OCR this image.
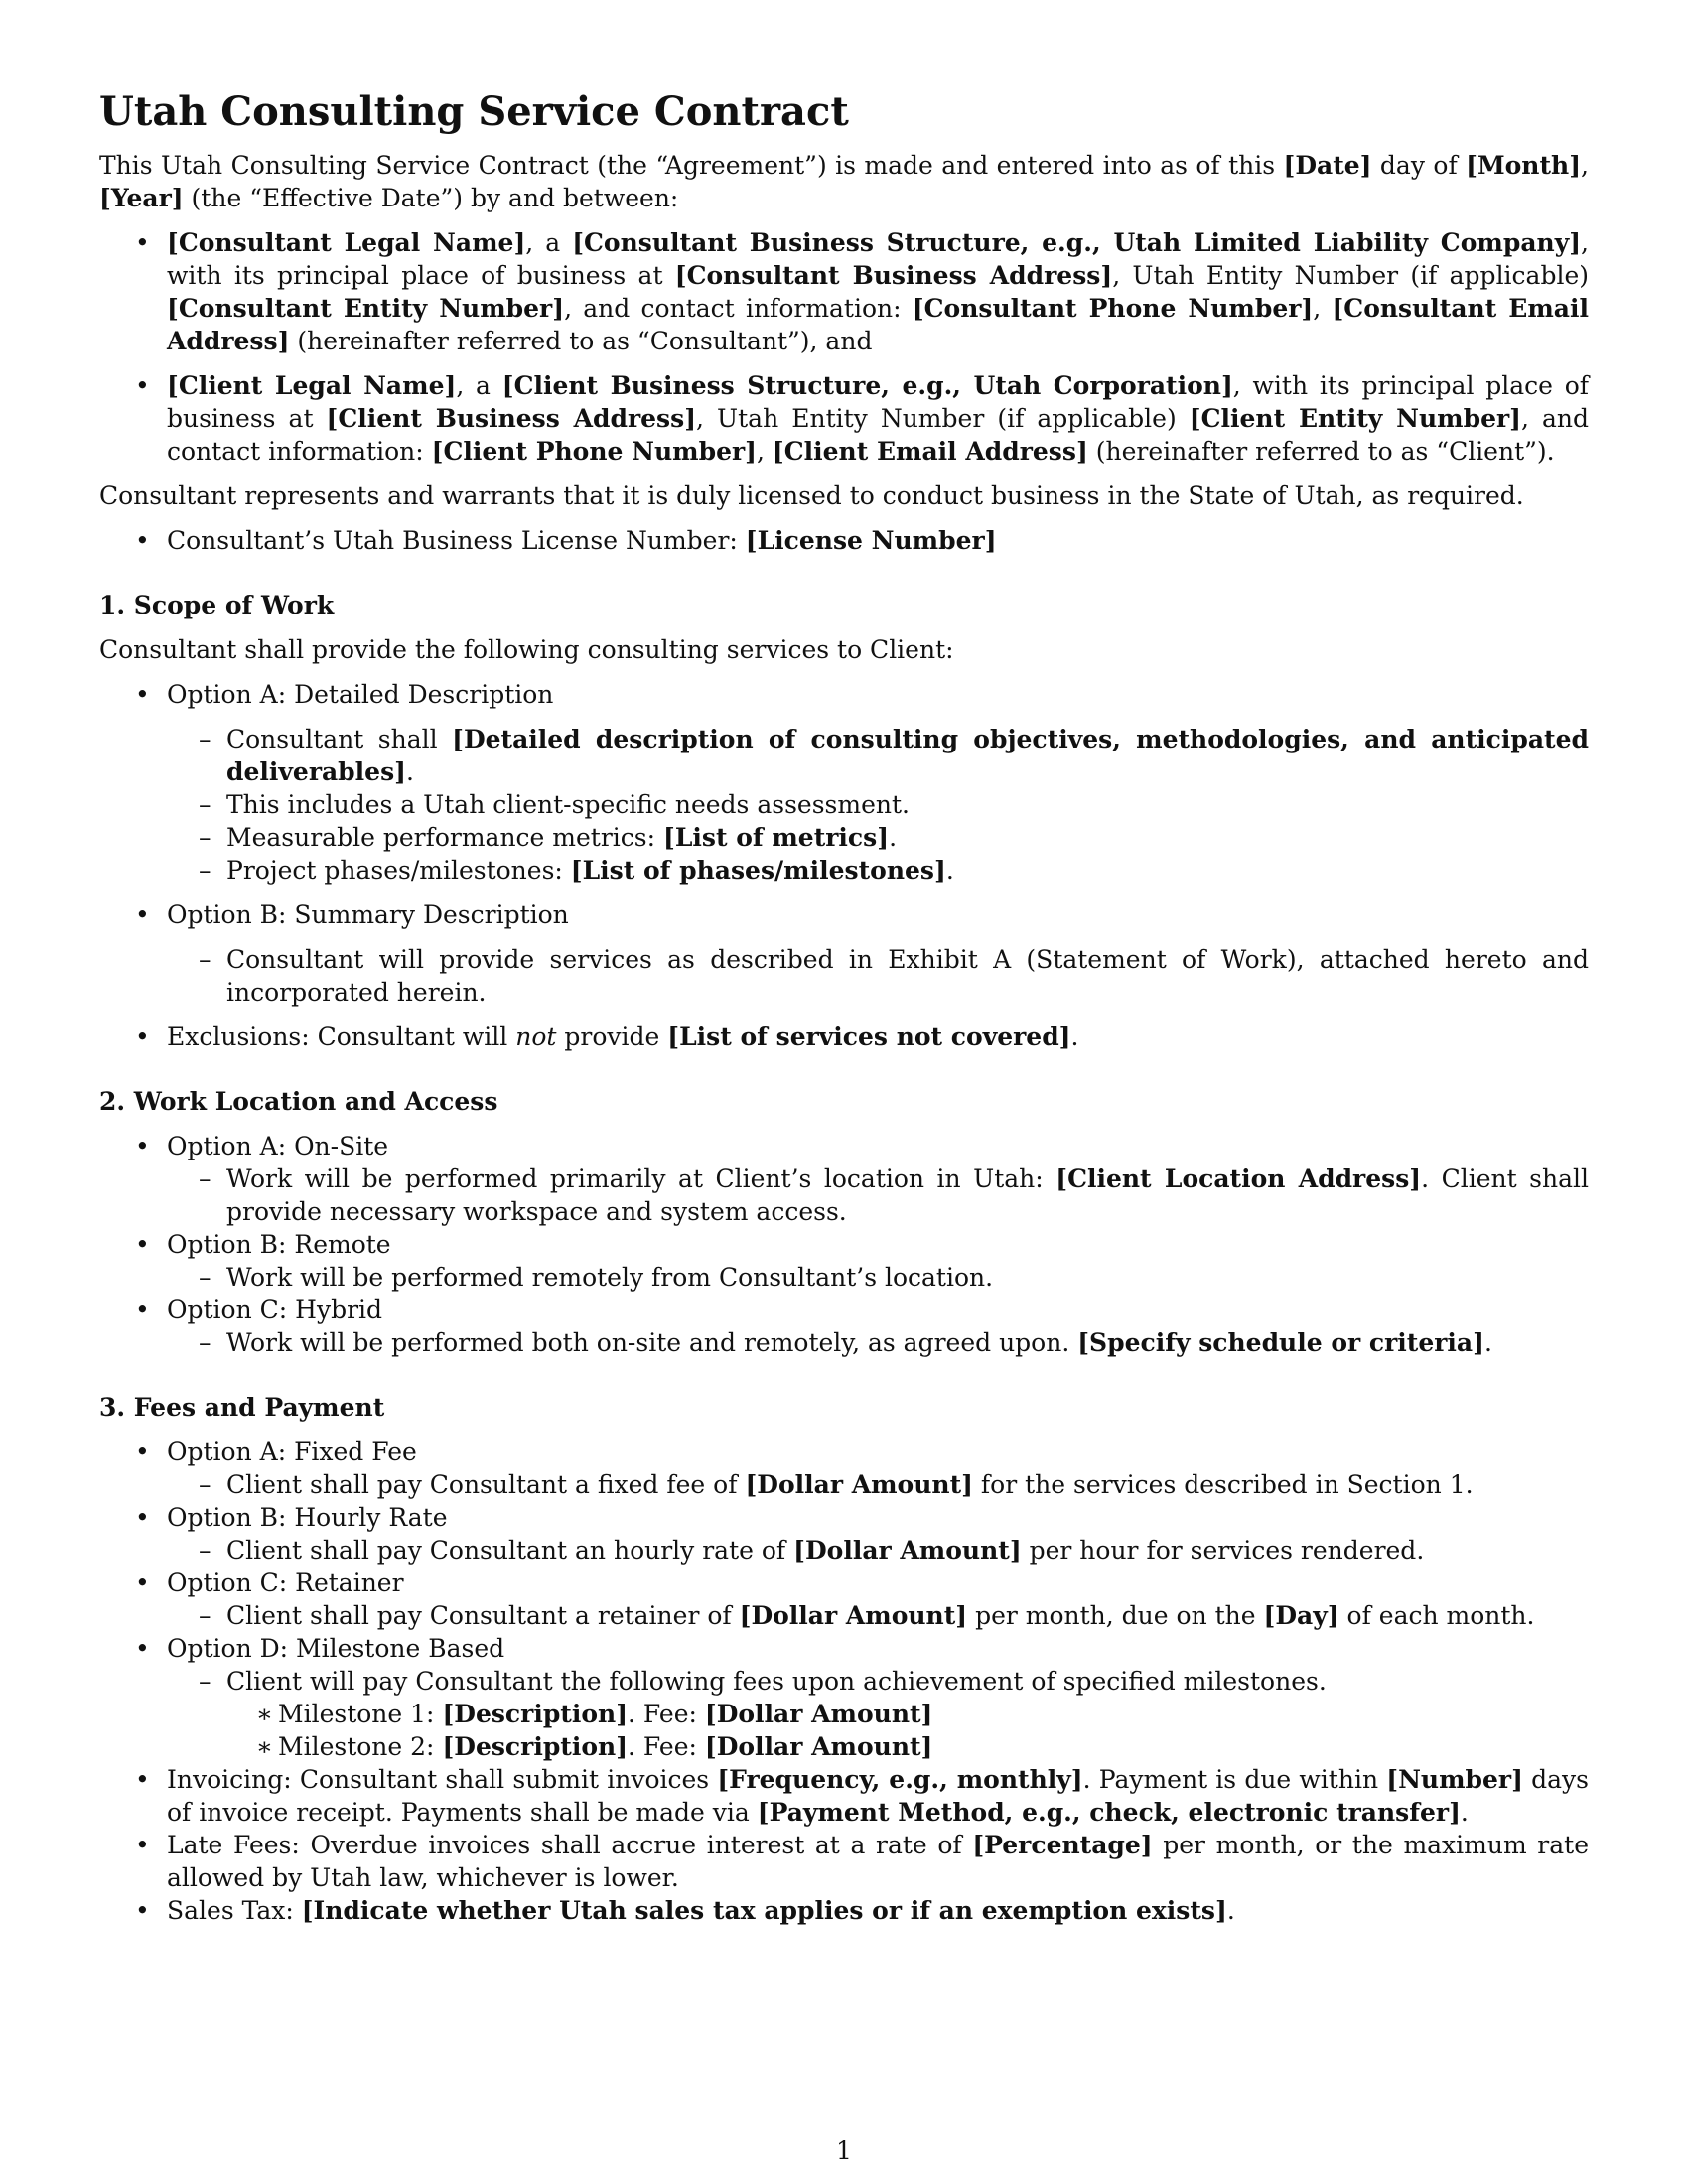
Utah Consulting Service Contract

This Utah Consulting Service Contract (the “Agreement”) is made and entered into as of this [Date] day of [Month], [Year] (the “Effective Date”) by and between:

• [Consultant Legal Name], a [Consultant Business Structure, e.g., Utah Limited Liability Company], with its principal place of business at [Consultant Business Address], Utah Entity Number (if applicable) [Consultant Entity Number], and contact information: [Consultant Phone Number], [Consultant Email Address] (hereinafter referred to as “Consultant”), and
• [Client Legal Name], a [Client Business Structure, e.g., Utah Corporation], with its principal place of business at [Client Business Address], Utah Entity Number (if applicable) [Client Entity Number], and contact information: [Client Phone Number], [Client Email Address] (hereinafter referred to as “Client”).

Consultant represents and warrants that it is duly licensed to conduct business in the State of Utah, as required.

• Consultant’s Utah Business License Number: [License Number]
1. Scope of Work

Consultant shall provide the following consulting services to Client:

• Option A: Detailed Description
– Consultant shall [Detailed description of consulting objectives, methodologies, and anticipated deliverables].
– This includes a Utah client-specific needs assessment.
– Measurable performance metrics: [List of metrics].
– Project phases/milestones: [List of phases/milestones].
• Option B: Summary Description
– Consultant will provide services as described in Exhibit A (Statement of Work), attached hereto and incorporated herein.
• Exclusions: Consultant will not provide [List of services not covered].
2. Work Location and Access
• Option A: On-Site
– Work will be performed primarily at Client’s location in Utah: [Client Location Address]. Client shall provide necessary workspace and system access.
• Option B: Remote
– Work will be performed remotely from Consultant’s location.
• Option C: Hybrid
– Work will be performed both on-site and remotely, as agreed upon. [Specify schedule or criteria].
3. Fees and Payment
• Option A: Fixed Fee
– Client shall pay Consultant a fixed fee of [Dollar Amount] for the services described in Section 1.
• Option B: Hourly Rate
– Client shall pay Consultant an hourly rate of [Dollar Amount] per hour for services rendered.
• Option C: Retainer
– Client shall pay Consultant a retainer of [Dollar Amount] per month, due on the [Day] of each month.
• Option D: Milestone Based
– Client will pay Consultant the following fees upon achievement of specified milestones.
∗ Milestone 1: [Description]. Fee: [Dollar Amount]
∗ Milestone 2: [Description]. Fee: [Dollar Amount]
• Invoicing: Consultant shall submit invoices [Frequency, e.g., monthly]. Payment is due within [Number] days of invoice receipt. Payments shall be made via [Payment Method, e.g., check, electronic transfer].
• Late Fees: Overdue invoices shall accrue interest at a rate of [Percentage] per month, or the maximum rate allowed by Utah law, whichever is lower.
• Sales Tax: [Indicate whether Utah sales tax applies or if an exemption exists].
1
